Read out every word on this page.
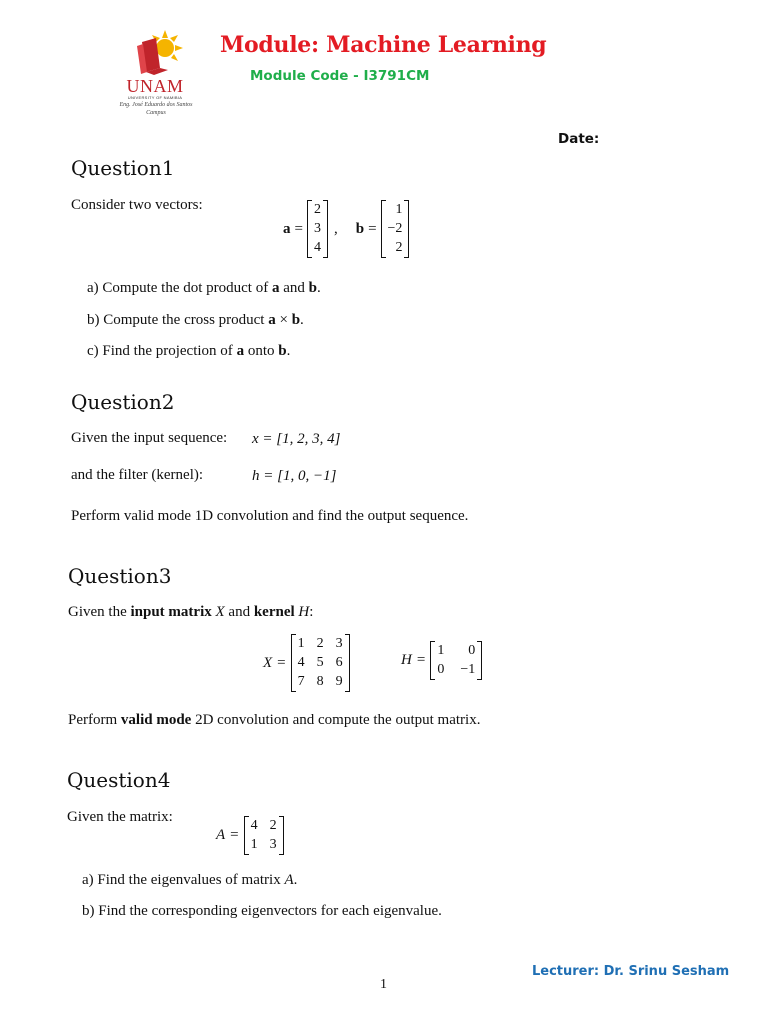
UNAM
UNIVERSITY OF NAMIBIA
Eng. José Eduardo dos Santos
Campus
Module: Machine Learning
Module Code - I3791CM
Date:
Question1
Consider two vectors:
a =
2
3
4
, b =
1
−2
2
a) Compute the dot product of a and b.
b) Compute the cross product a × b.
c) Find the projection of a onto b.
Question2
Given the input sequence: x = [1, 2, 3, 4]
and the filter (kernel):	h = [1, 0, −1]
Perform valid mode 1D convolution and find the output sequence.
Question3
Given the input matrix X and kernel H:
X =
1 2 3
4 5 6
7 8 9
H =
1 0
0 −1
Perform valid mode 2D convolution and compute the output matrix.
Question4
Given the matrix:
A =
4 2
1 3
a) Find the eigenvalues of matrix A.
b) Find the corresponding eigenvectors for each eigenvalue.
Lecturer: Dr. Srinu Sesham
1
